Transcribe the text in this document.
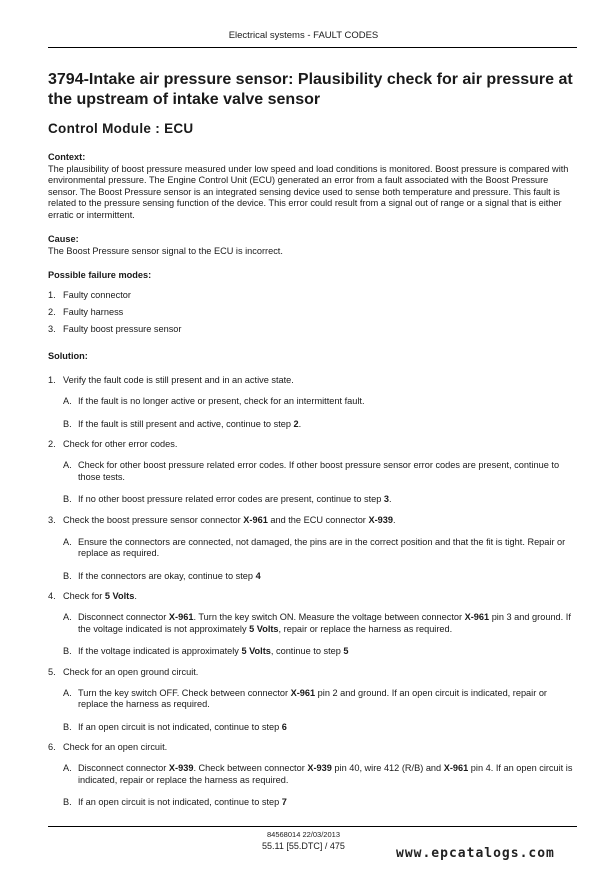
Electrical systems - FAULT CODES
3794-Intake air pressure sensor: Plausibility check for air pressure at the upstream of intake valve sensor
Control Module : ECU

Context:

The plausibility of boost pressure measured under low speed and load conditions is monitored. Boost pressure is compared with environmental pressure. The Engine Control Unit (ECU) generated an error from a fault associated with the Boost Pressure sensor. The Boost Pressure sensor is an integrated sensing device used to sense both temperature and pressure. This fault is related to the pressure sensing function of the device. This error could result from a signal out of range or a signal that is either erratic or intermittent.

Cause:

The Boost Pressure sensor signal to the ECU is incorrect.

Possible failure modes:

1. Faulty connector
2. Faulty harness
3. Faulty boost pressure sensor

Solution:

1. Verify the fault code is still present and in an active state.
A. If the fault is no longer active or present, check for an intermittent fault.
B. If the fault is still present and active, continue to step 2.
2. Check for other error codes.
A. Check for other boost pressure related error codes. If other boost pressure sensor error codes are present, continue to those tests.
B. If no other boost pressure related error codes are present, continue to step 3.
3. Check the boost pressure sensor connector X-961 and the ECU connector X-939.
A. Ensure the connectors are connected, not damaged, the pins are in the correct position and that the fit is tight. Repair or replace as required.
B. If the connectors are okay, continue to step 4
4. Check for 5 Volts.
A. Disconnect connector X-961. Turn the key switch ON. Measure the voltage between connector X-961 pin 3 and ground. If the voltage indicated is not approximately 5 Volts, repair or replace the harness as required.
B. If the voltage indicated is approximately 5 Volts, continue to step 5
5. Check for an open ground circuit.
A. Turn the key switch OFF. Check between connector X-961 pin 2 and ground. If an open circuit is indicated, repair or replace the harness as required.
B. If an open circuit is not indicated, continue to step 6
6. Check for an open circuit.
A. Disconnect connector X-939. Check between connector X-939 pin 40, wire 412 (R/B) and X-961 pin 4. If an open circuit is indicated, repair or replace the harness as required.
B. If an open circuit is not indicated, continue to step 7
84568014 22/03/2013
55.11 [55.DTC] / 475	www.epcatalogs.com
